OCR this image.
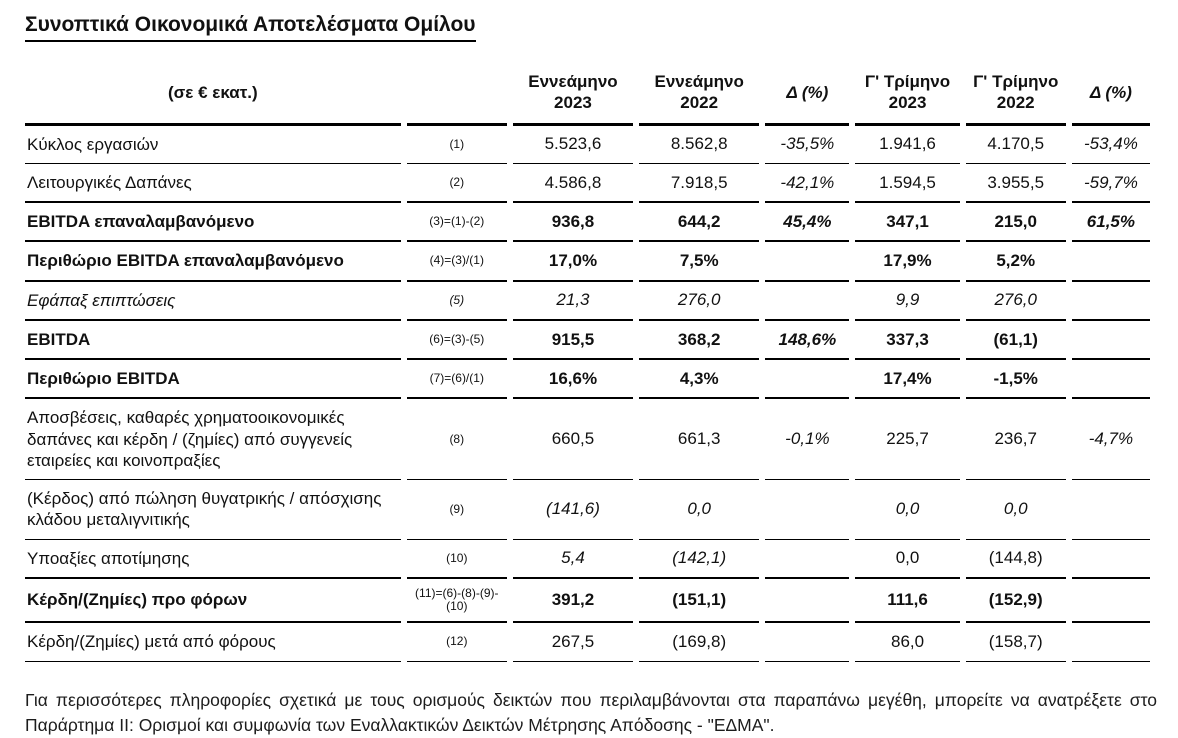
Συνοπτικά Οικονομικά Αποτελέσματα Ομίλου
(σε € εκατ.)		Εννεάμηνο 2023	Εννεάμηνο 2022	Δ (%)	Γ' Τρίμηνο 2023	Γ' Τρίμηνο 2022	Δ (%)
Κύκλος εργασιών	(1)	5.523,6	8.562,8	-35,5%	1.941,6	4.170,5	-53,4%
Λειτουργικές Δαπάνες	(2)	4.586,8	7.918,5	-42,1%	1.594,5	3.955,5	-59,7%
EBITDA επαναλαμβανόμενο	(3)=(1)-(2)	936,8	644,2	45,4%	347,1	215,0	61,5%
Περιθώριο EBITDA επαναλαμβανόμενο	(4)=(3)/(1)	17,0%	7,5%		17,9%	5,2%	
Εφάπαξ επιπτώσεις	(5)	21,3	276,0		9,9	276,0	
EBITDA	(6)=(3)-(5)	915,5	368,2	148,6%	337,3	(61,1)	
Περιθώριο EBITDA	(7)=(6)/(1)	16,6%	4,3%		17,4%	-1,5%	
Αποσβέσεις, καθαρές χρηματοοικονομικές δαπάνες και κέρδη / (ζημίες) από συγγενείς εταιρείες και κοινοπραξίες	(8)	660,5	661,3	-0,1%	225,7	236,7	-4,7%
(Κέρδος) από πώληση θυγατρικής / απόσχισης κλάδου μεταλιγνιτικής	(9)	(141,6)	0,0		0,0	0,0	
Υποαξίες αποτίμησης	(10)	5,4	(142,1)		0,0	(144,8)	
Κέρδη/(Ζημίες) προ φόρων	(11)=(6)-(8)-(9)-(10)	391,2	(151,1)		111,6	(152,9)	
Κέρδη/(Ζημίες) μετά από φόρους	(12)	267,5	(169,8)		86,0	(158,7)	

Για περισσότερες πληροφορίες σχετικά με τους ορισμούς δεικτών που περιλαμβάνονται στα παραπάνω μεγέθη, μπορείτε να ανατρέξετε στο Παράρτημα II: Ορισμοί και συμφωνία των Εναλλακτικών Δεικτών Μέτρησης Απόδοσης - "ΕΔΜΑ".
